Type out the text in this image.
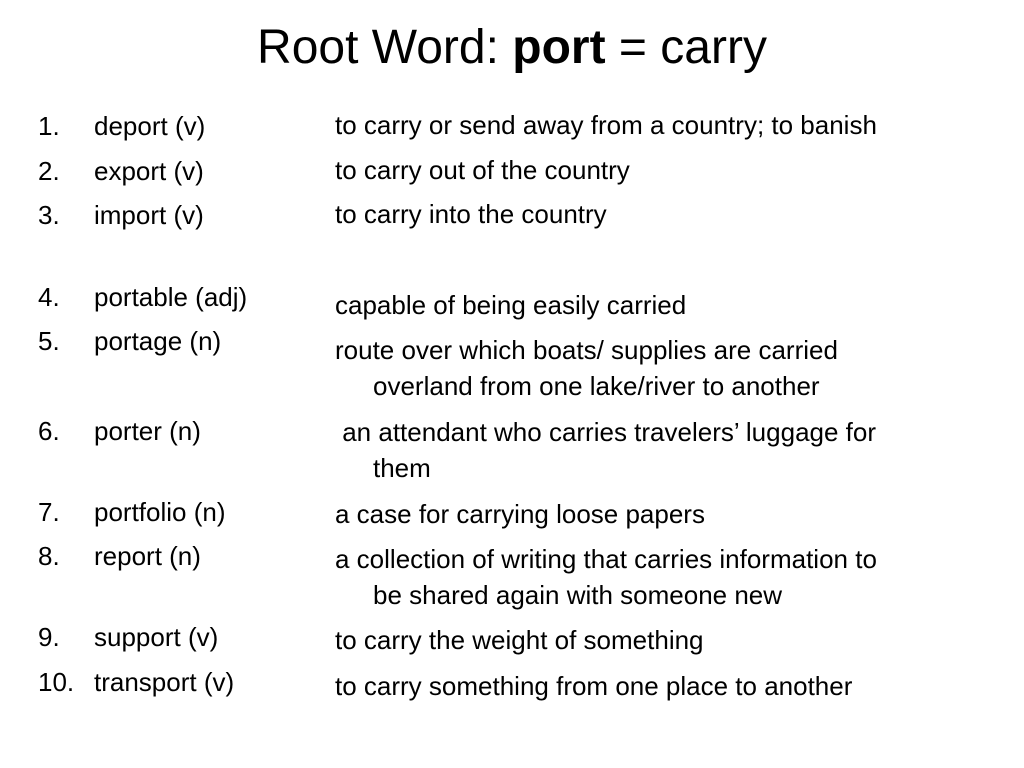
Root Word: port = carry
1. deport (v)
2. export (v)
3. import (v)
4. portable (adj)
5. portage (n)
6. porter (n)
7. portfolio (n)
8. report (n)
9. support (v)
10. transport (v)
to carry or send away from a country; to banish
to carry out of the country
to carry into the country
capable of being easily carried
route over which boats/ supplies are carried
overland from one lake/river to another
an attendant who carries travelers’ luggage for
them
a case for carrying loose papers
a collection of writing that carries information to
be shared again with someone new
to carry the weight of something
to carry something from one place to another
